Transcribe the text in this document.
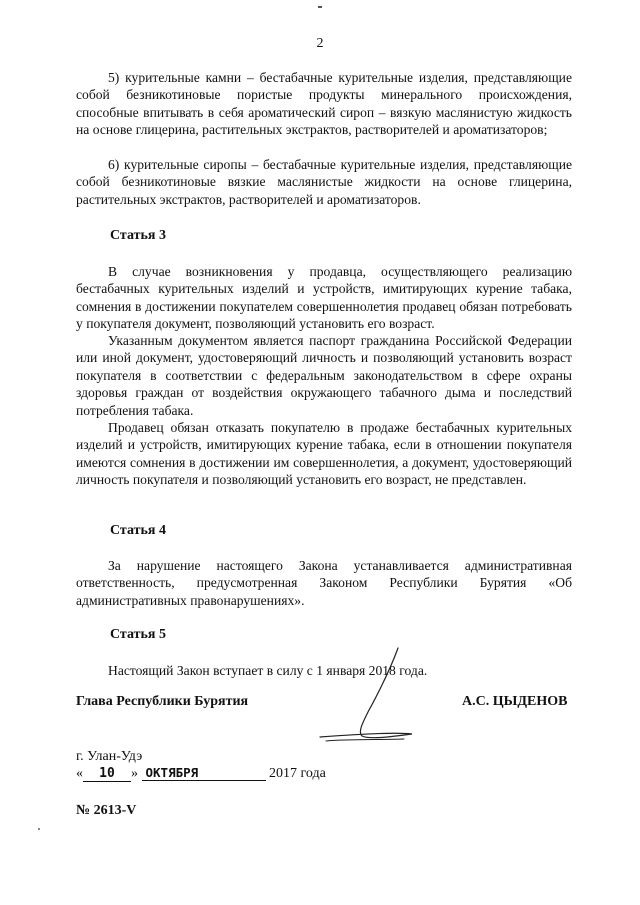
2

5) курительные камни – бестабачные курительные изделия, представляющие собой безникотиновые пористые продукты минерального происхождения, способные впитывать в себя ароматический сироп – вязкую маслянистую жидкость на основе глицерина, растительных экстрактов, растворителей и ароматизаторов;

6) курительные сиропы – бестабачные курительные изделия, представляющие собой безникотиновые вязкие маслянистые жидкости на основе глицерина, растительных экстрактов, растворителей и ароматизаторов.

Статья 3

В случае возникновения у продавца, осуществляющего реализацию бестабачных курительных изделий и устройств, имитирующих курение табака, сомнения в достижении покупателем совершеннолетия продавец обязан потребовать у покупателя документ, позволяющий установить его возраст.

Указанным документом является паспорт гражданина Российской Федерации или иной документ, удостоверяющий личность и позволяющий установить возраст покупателя в соответствии с федеральным законодательством в сфере охраны здоровья граждан от воздействия окружающего табачного дыма и последствий потребления табака.

Продавец обязан отказать покупателю в продаже бестабачных курительных изделий и устройств, имитирующих курение табака, если в отношении покупателя имеются сомнения в достижении им совершеннолетия, а документ, удостоверяющий личность покупателя и позволяющий установить его возраст, не представлен.

Статья 4

За нарушение настоящего Закона устанавливается административная ответственность, предусмотренная Законом Республики Бурятия «Об административных правонарушениях».

Статья 5

Настоящий Закон вступает в силу с 1 января 2018 года.

Глава Республики Бурятия	А.С. ЦЫДЕНОВ
г. Улан-Удэ
« 10 » ОКТЯБРЯ	2017 года
№ 2613-V
